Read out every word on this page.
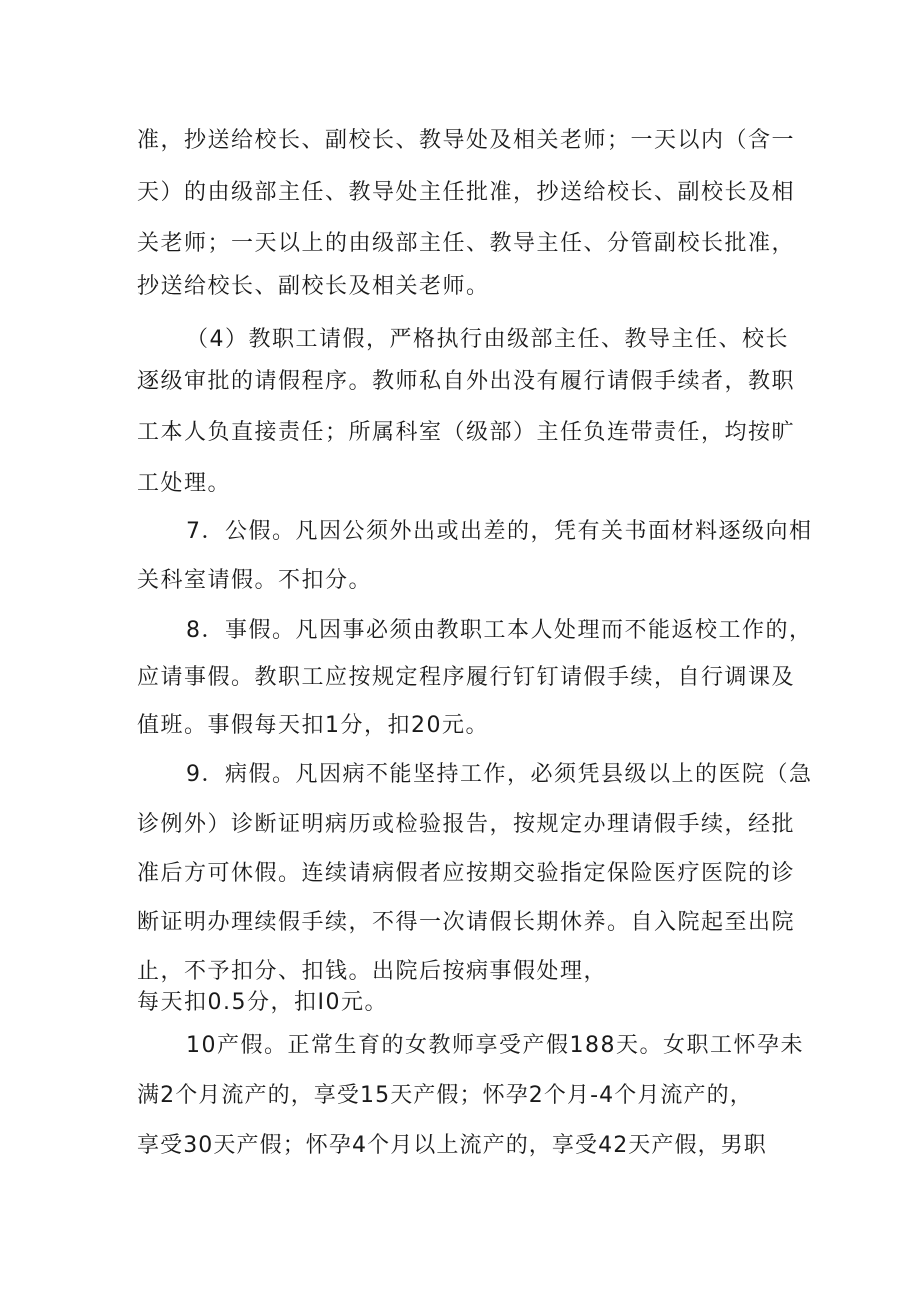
准，抄送给校长、副校长、教导处及相关老师；一天以内（含一
天）的由级部主任、教导处主任批准，抄送给校长、副校长及相
关老师；一天以上的由级部主任、教导主任、分管副校长批准，
抄送给校长、副校长及相关老师。
（4）教职工请假，严格执行由级部主任、教导主任、校长
逐级审批的请假程序。教师私自外出没有履行请假手续者，教职
工本人负直接责任；所属科室（级部）主任负连带责任，均按旷
工处理。
7．公假。凡因公须外出或出差的，凭有关书面材料逐级向相
关科室请假。不扣分。
8．事假。凡因事必须由教职工本人处理而不能返校工作的，
应请事假。教职工应按规定程序履行钉钉请假手续，自行调课及
值班。事假每天扣1分，扣20元。
9．病假。凡因病不能坚持工作，必须凭县级以上的医院（急
诊例外）诊断证明病历或检验报告，按规定办理请假手续，经批
准后方可休假。连续请病假者应按期交验指定保险医疗医院的诊
断证明办理续假手续，不得一次请假长期休养。自入院起至出院
止，不予扣分、扣钱。出院后按病事假处理，
每天扣0.5分，扣I0元。
10产假。正常生育的女教师享受产假188天。女职工怀孕未
满2个月流产的，享受15天产假；怀孕2个月-4个月流产的，
享受30天产假；怀孕4个月以上流产的，享受42天产假，男职
